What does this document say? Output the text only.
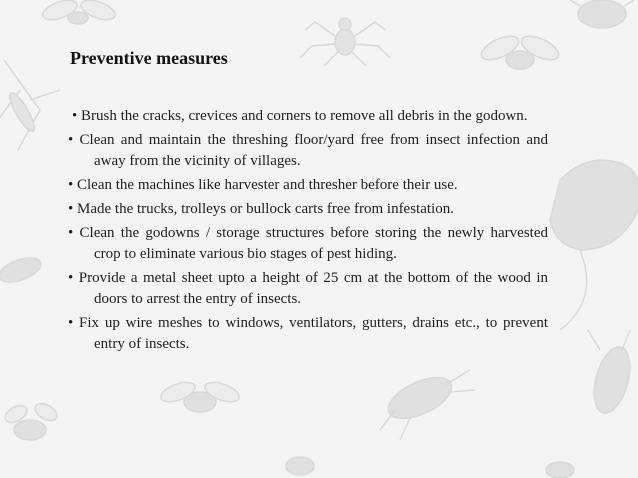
Preventive measures
• Brush the cracks, crevices and corners to remove all debris in the godown.
• Clean and maintain the threshing floor/yard free from insect infection and away from the vicinity of villages.
• Clean the machines like harvester and thresher before their use.
• Made the trucks, trolleys or bullock carts free from infestation.
• Clean the godowns / storage structures before storing the newly harvested crop to eliminate various bio stages of pest hiding.
• Provide a metal sheet upto a height of 25 cm at the bottom of the wood in doors to arrest the entry of insects.
• Fix up wire meshes to windows, ventilators, gutters, drains etc., to prevent entry of insects.
